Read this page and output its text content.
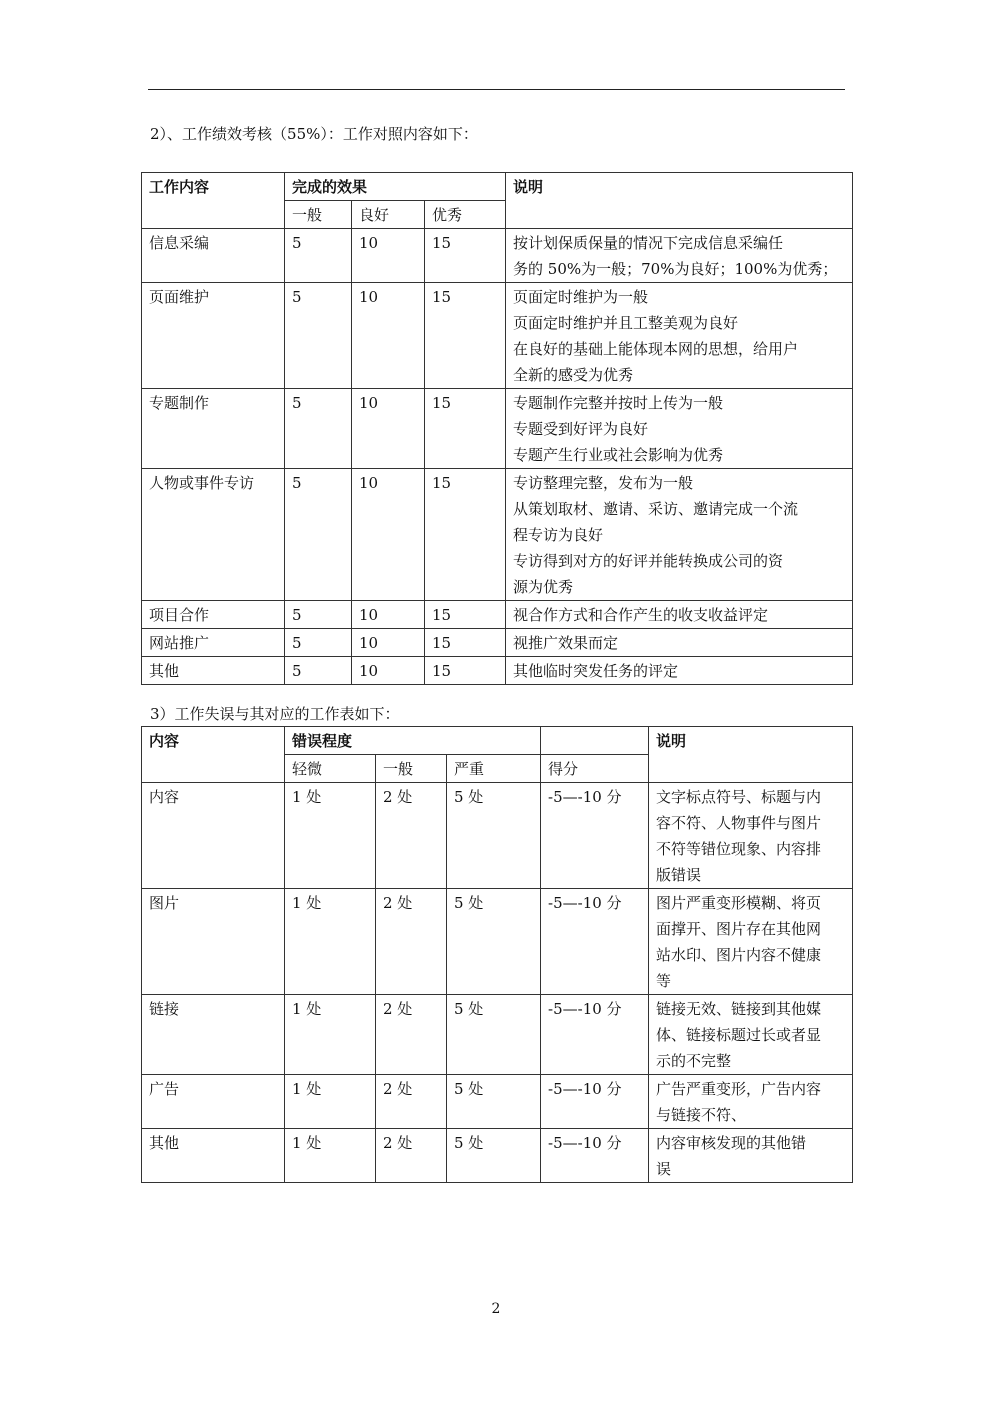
2）、工作绩效考核（55%）：工作对照内容如下：
工作内容	完成的效果			说明
	一般	良好	优秀	
信息采编	5	10	15	按计划保质保量的情况下完成信息采编任
务的 50%为一般；70%为良好；100%为优秀；

页面维护	5	10	15	页面定时维护为一般
页面定时维护并且工整美观为良好
在良好的基础上能体现本网的思想，给用户
全新的感受为优秀

专题制作	5	10	15	专题制作完整并按时上传为一般
专题受到好评为良好
专题产生行业或社会影响为优秀

人物或事件专访	5	10	15	专访整理完整，发布为一般
从策划取材、邀请、采访、邀请完成一个流
程专访为良好
专访得到对方的好评并能转换成公司的资
源为优秀

项目合作	5	10	15	视合作方式和合作产生的收支收益评定

网站推广	5	10	15	视推广效果而定

其他	5	10	15	其他临时突发任务的评定
3）工作失误与其对应的工作表如下：
内容	错误程度				说明
	轻微	一般	严重	得分	
内容	1 处	2 处	5 处	-5—-10 分	文字标点符号、标题与内
容不符、人物事件与图片
不符等错位现象、内容排
版错误

图片	1 处	2 处	5 处	-5—-10 分	图片严重变形模糊、将页
面撑开、图片存在其他网
站水印、图片内容不健康
等

链接	1 处	2 处	5 处	-5—-10 分	链接无效、链接到其他媒
体、链接标题过长或者显
示的不完整

广告	1 处	2 处	5 处	-5—-10 分	广告严重变形，广告内容
与链接不符、

其他	1 处	2 处	5 处	-5—-10 分	内容审核发现的其他错
误
2
